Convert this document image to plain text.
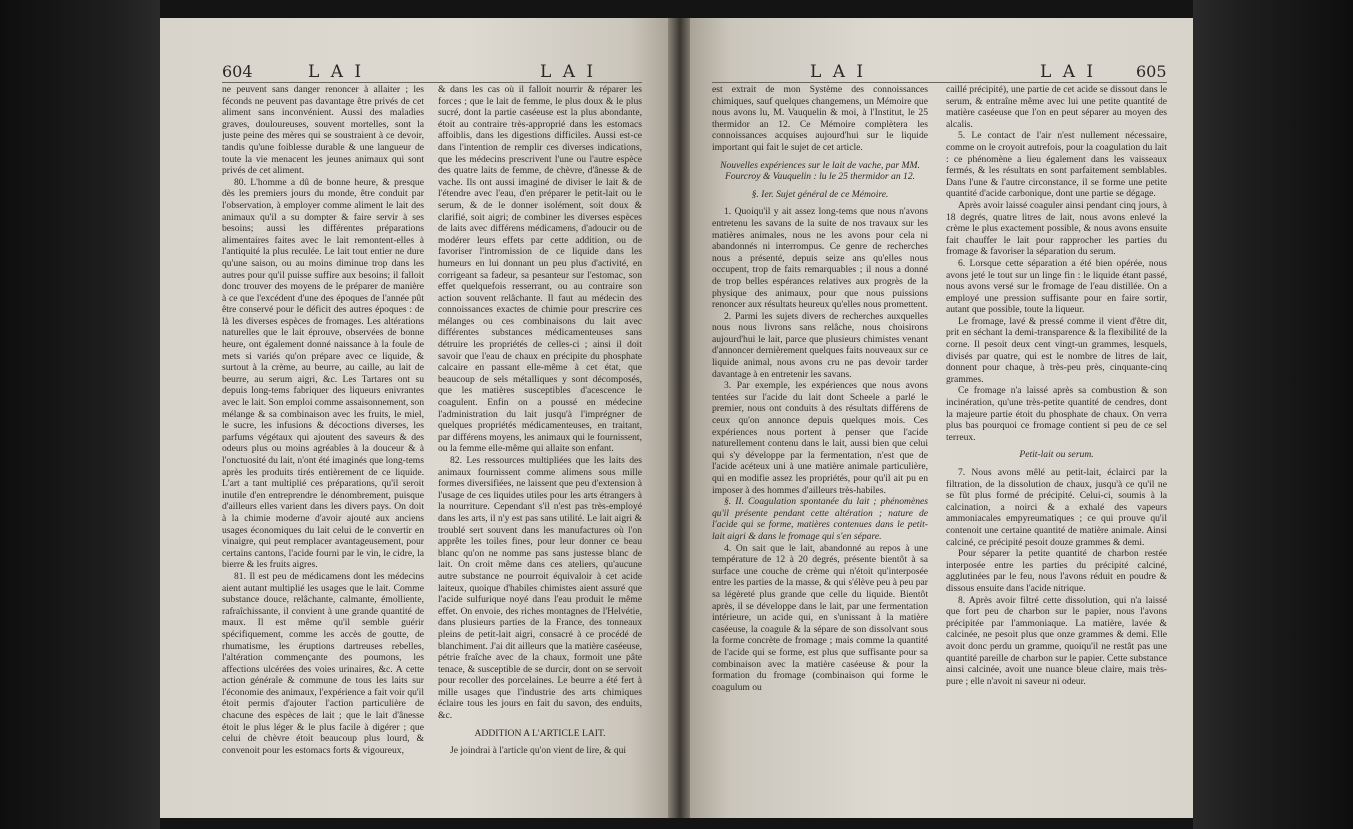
604	L A I	L A I

ne peuvent sans danger renoncer à allaiter ; les féconds ne peuvent pas davantage être privés de cet aliment sans inconvénient. Aussi des maladies graves, douloureuses, souvent mortelles, sont la juste peine des mères qui se soustraient à ce devoir, tandis qu'une foiblesse durable & une langueur de toute la vie menacent les jeunes animaux qui sont privés de cet aliment.

80. L'homme a dû de bonne heure, & presque dès les premiers jours du monde, être conduit par l'observation, à employer comme aliment le lait des animaux qu'il a su dompter & faire servir à ses besoins; aussi les différentes préparations alimentaires faites avec le lait remontent-elles à l'antiquité la plus reculée. Le lait tout entier ne dure qu'une saison, ou au moins diminue trop dans les autres pour qu'il puisse suffire aux besoins; il falloit donc trouver des moyens de le préparer de manière à ce que l'excédent d'une des époques de l'année pût être conservé pour le déficit des autres époques : de là les diverses espèces de fromages. Les altérations naturelles que le lait éprouve, observées de bonne heure, ont également donné naissance à la foule de mets si variés qu'on prépare avec ce liquide, & surtout à la crème, au beurre, au caille, au lait de beurre, au serum aigri, &c. Les Tartares ont su depuis long-tems fabriquer des liqueurs enivrantes avec le lait. Son emploi comme assaisonnement, son mélange & sa combinaison avec les fruits, le miel, le sucre, les infusions & décoctions diverses, les parfums végétaux qui ajoutent des saveurs & des odeurs plus ou moins agréables à la douceur & à l'onctuosité du lait, n'ont été imaginés que long-tems après les produits tirés entièrement de ce liquide. L'art a tant multiplié ces préparations, qu'il seroit inutile d'en entreprendre le dénombrement, puisque d'ailleurs elles varient dans les divers pays. On doit à la chimie moderne d'avoir ajouté aux anciens usages économiques du lait celui de le convertir en vinaigre, qui peut remplacer avantageusement, pour certains cantons, l'acide fourni par le vin, le cidre, la bierre & les fruits aigres.

81. Il est peu de médicamens dont les médecins aient autant multiplié les usages que le lait. Comme substance douce, relâchante, calmante, émolliente, rafraîchissante, il convient à une grande quantité de maux. Il est même qu'il semble guérir spécifiquement, comme les accès de goutte, de rhumatisme, les éruptions dartreuses rebelles, l'altération commençante des poumons, les affections ulcérées des voies urinaires, &c. A cette action générale & commune de tous les laits sur l'économie des animaux, l'expérience a fait voir qu'il étoit permis d'ajouter l'action particulière de chacune des espèces de lait ; que le lait d'ânesse étoit le plus léger & le plus facile à digérer ; que celui de chèvre étoit beaucoup plus lourd, & convenoit pour les estomacs forts & vigoureux,

& dans les cas où il falloit nourrir & réparer les forces ; que le lait de femme, le plus doux & le plus sucré, dont la partie caséeuse est la plus abondante, étoit au contraire très-approprié dans les estomacs affoiblis, dans les digestions difficiles. Aussi est-ce dans l'intention de remplir ces diverses indications, que les médecins prescrivent l'une ou l'autre espèce des quatre laits de femme, de chèvre, d'ânesse & de vache. Ils ont aussi imaginé de diviser le lait & de l'étendre avec l'eau, d'en préparer le petit-lait ou le serum, & de le donner isolément, soit doux & clarifié, soit aigri; de combiner les diverses espèces de laits avec différens médicamens, d'adoucir ou de modérer leurs effets par cette addition, ou de favoriser l'intromission de ce liquide dans les humeurs en lui donnant un peu plus d'activité, en corrigeant sa fadeur, sa pesanteur sur l'estomac, son effet quelquefois resserrant, ou au contraire son action souvent relâchante. Il faut au médecin des connoissances exactes de chimie pour prescrire ces mélanges ou ces combinaisons du lait avec différentes substances médicamenteuses sans détruire les propriétés de celles-ci ; ainsi il doit savoir que l'eau de chaux en précipite du phosphate calcaire en passant elle-même à cet état, que beaucoup de sels métalliques y sont décomposés, que les matières susceptibles d'acescence le coagulent. Enfin on a poussé en médecine l'administration du lait jusqu'à l'imprégner de quelques propriétés médicamenteuses, en traitant, par différens moyens, les animaux qui le fournissent, ou la femme elle-même qui allaite son enfant.

82. Les ressources multipliées que les laits des animaux fournissent comme alimens sous mille formes diversifiées, ne laissent que peu d'extension à l'usage de ces liquides utiles pour les arts étrangers à la nourriture. Cependant s'il n'est pas très-employé dans les arts, il n'y est pas sans utilité. Le lait aigri & troublé sert souvent dans les manufactures où l'on apprête les toiles fines, pour leur donner ce beau blanc qu'on ne nomme pas sans justesse blanc de lait. On croit même dans ces ateliers, qu'aucune autre substance ne pourroit équivaloir à cet acide laiteux, quoique d'habiles chimistes aient assuré que l'acide sulfurique noyé dans l'eau produit le même effet. On envoie, des riches montagnes de l'Helvétie, dans plusieurs parties de la France, des tonneaux pleins de petit-lait aigri, consacré à ce procédé de blanchiment. J'ai dit ailleurs que la matière caséeuse, pétrie fraîche avec de la chaux, formoit une pâte tenace, & susceptible de se durcir, dont on se servoit pour recoller des porcelaines. Le beurre a été fert à mille usages que l'industrie des arts chimiques éclaire tous les jours en fait du savon, des enduits, &c.

ADDITION A L'ARTICLE LAIT.

Je joindrai à l'article qu'on vient de lire, & qui

L A I	L A I 605

est extrait de mon Système des connoissances chimiques, sauf quelques changemens, un Mémoire que nous avons lu, M. Vauquelin & moi, à l'Institut, le 25 thermidor an 12. Ce Mémoire complètera les connoissances acquises aujourd'hui sur le liquide important qui fait le sujet de cet article.

Nouvelles expériences sur le lait de vache, par MM. Fourcroy & Vauquelin : lu le 25 thermidor an 12.

§. Ier. Sujet général de ce Mémoire.

1. Quoiqu'il y ait assez long-tems que nous n'avons entretenu les savans de la suite de nos travaux sur les matières animales, nous ne les avons pour cela ni abandonnés ni interrompus. Ce genre de recherches nous a présenté, depuis seize ans qu'elles nous occupent, trop de faits remarquables ; il nous a donné de trop belles espérances relatives aux progrès de la physique des animaux, pour que nous puissions renoncer aux résultats heureux qu'elles nous promettent.

2. Parmi les sujets divers de recherches auxquelles nous nous livrons sans relâche, nous choisirons aujourd'hui le lait, parce que plusieurs chimistes venant d'annoncer dernièrement quelques faits nouveaux sur ce liquide animal, nous avons cru ne pas devoir tarder davantage à en entretenir les savans.

3. Par exemple, les expériences que nous avons tentées sur l'acide du lait dont Scheele a parlé le premier, nous ont conduits à des résultats différens de ceux qu'on annonce depuis quelques mois. Ces expériences nous portent à penser que l'acide naturellement contenu dans le lait, aussi bien que celui qui s'y développe par la fermentation, n'est que de l'acide acéteux uni à une matière animale particulière, qui en modifie assez les propriétés, pour qu'il ait pu en imposer à des hommes d'ailleurs très-habiles.

§. II. Coagulation spontanée du lait ; phénomènes qu'il présente pendant cette altération ; nature de l'acide qui se forme, matières contenues dans le petit-lait aigri & dans le fromage qui s'en sépare.

4. On sait que le lait, abandonné au repos à une température de 12 à 20 degrés, présente bientôt à sa surface une couche de crème qui n'étoit qu'interposée entre les parties de la masse, & qui s'élève peu à peu par sa légèreté plus grande que celle du liquide. Bientôt après, il se développe dans le lait, par une fermentation intérieure, un acide qui, en s'unissant à la matière caséeuse, la coagule & la sépare de son dissolvant sous la forme concrète de fromage ; mais comme la quantité de l'acide qui se forme, est plus que suffisante pour sa combinaison avec la matière caséeuse & pour la formation du fromage (combinaison qui forme le coagulum ou

caillé précipité), une partie de cet acide se dissout dans le serum, & entraîne même avec lui une petite quantité de matière caséeuse que l'on en peut séparer au moyen des alcalis.

5. Le contact de l'air n'est nullement nécessaire, comme on le croyoit autrefois, pour la coagulation du lait : ce phénomène a lieu également dans les vaisseaux fermés, & les résultats en sont parfaitement semblables. Dans l'une & l'autre circonstance, il se forme une petite quantité d'acide carbonique, dont une partie se dégage.

Après avoir laissé coaguler ainsi pendant cinq jours, à 18 degrés, quatre litres de lait, nous avons enlevé la crème le plus exactement possible, & nous avons ensuite fait chauffer le lait pour rapprocher les parties du fromage & favoriser la séparation du serum.

6. Lorsque cette séparation a été bien opérée, nous avons jeté le tout sur un linge fin : le liquide étant passé, nous avons versé sur le fromage de l'eau distillée. On a employé une pression suffisante pour en faire sortir, autant que possible, toute la liqueur.

Le fromage, lavé & pressé comme il vient d'être dit, prit en séchant la demi-transparence & la flexibilité de la corne. Il pesoit deux cent vingt-un grammes, lesquels, divisés par quatre, qui est le nombre de litres de lait, donnent pour chaque, à très-peu près, cinquante-cinq grammes.

Ce fromage n'a laissé après sa combustion & son incinération, qu'une très-petite quantité de cendres, dont la majeure partie étoit du phosphate de chaux. On verra plus bas pourquoi ce fromage contient si peu de ce sel terreux.

Petit-lait ou serum.

7. Nous avons mêlé au petit-lait, éclairci par la filtration, de la dissolution de chaux, jusqu'à ce qu'il ne se fût plus formé de précipité. Celui-ci, soumis à la calcination, a noirci & a exhalé des vapeurs ammoniacales empyreumatiques ; ce qui prouve qu'il contenoit une certaine quantité de matière animale. Ainsi calciné, ce précipité pesoit douze grammes & demi.

Pour séparer la petite quantité de charbon restée interposée entre les parties du précipité calciné, agglutinées par le feu, nous l'avons réduit en poudre & dissous ensuite dans l'acide nitrique.

8. Après avoir filtré cette dissolution, qui n'a laissé que fort peu de charbon sur le papier, nous l'avons précipitée par l'ammoniaque. La matière, lavée & calcinée, ne pesoit plus que onze grammes & demi. Elle avoit donc perdu un gramme, quoiqu'il ne restât pas une quantité pareille de charbon sur le papier. Cette substance ainsi calcinée, avoit une nuance bleue claire, mais très-pure ; elle n'avoit ni saveur ni odeur.
